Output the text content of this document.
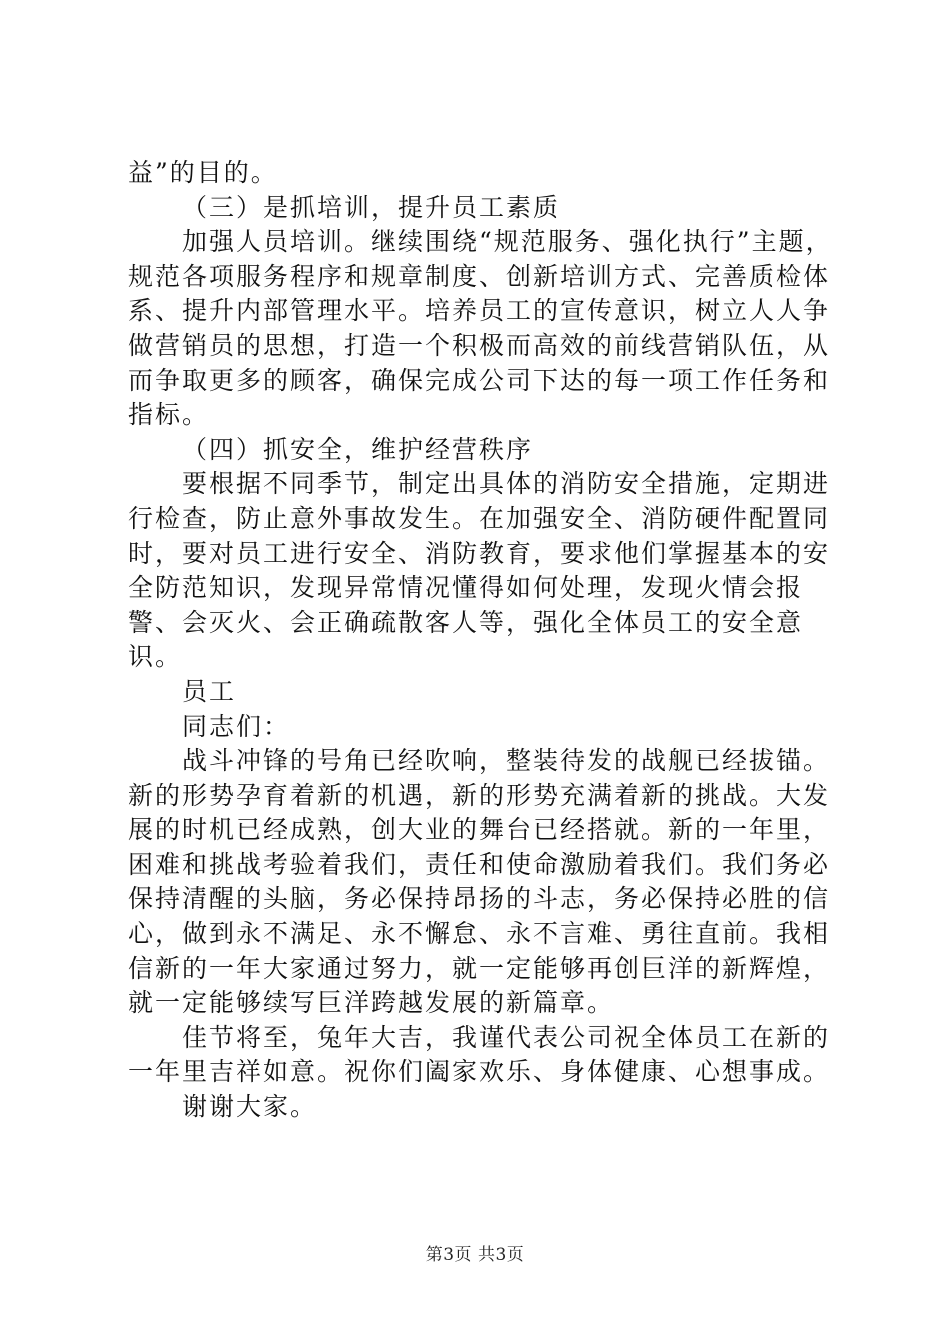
益”的目的。

（三）是抓培训，提升员工素质

加强人员培训。继续围绕“规范服务、强化执行”主题，规范各项服务程序和规章制度、创新培训方式、完善质检体系、提升内部管理水平。培养员工的宣传意识，树立人人争做营销员的思想，打造一个积极而高效的前线营销队伍，从而争取更多的顾客，确保完成公司下达的每一项工作任务和指标。

（四）抓安全，维护经营秩序

要根据不同季节，制定出具体的消防安全措施，定期进行检查，防止意外事故发生。在加强安全、消防硬件配置同时，要对员工进行安全、消防教育，要求他们掌握基本的安全防范知识，发现异常情况懂得如何处理，发现火情会报警、会灭火、会正确疏散客人等，强化全体员工的安全意识。

员工

同志们：

战斗冲锋的号角已经吹响，整装待发的战舰已经拔锚。新的形势孕育着新的机遇，新的形势充满着新的挑战。大发展的时机已经成熟，创大业的舞台已经搭就。新的一年里，困难和挑战考验着我们，责任和使命激励着我们。我们务必保持清醒的头脑，务必保持昂扬的斗志，务必保持必胜的信心，做到永不满足、永不懈怠、永不言难、勇往直前。我相信新的一年大家通过努力，就一定能够再创巨洋的新辉煌，就一定能够续写巨洋跨越发展的新篇章。

佳节将至，兔年大吉，我谨代表公司祝全体员工在新的一年里吉祥如意。祝你们阖家欢乐、身体健康、心想事成。

谢谢大家。

第3页 共3页
